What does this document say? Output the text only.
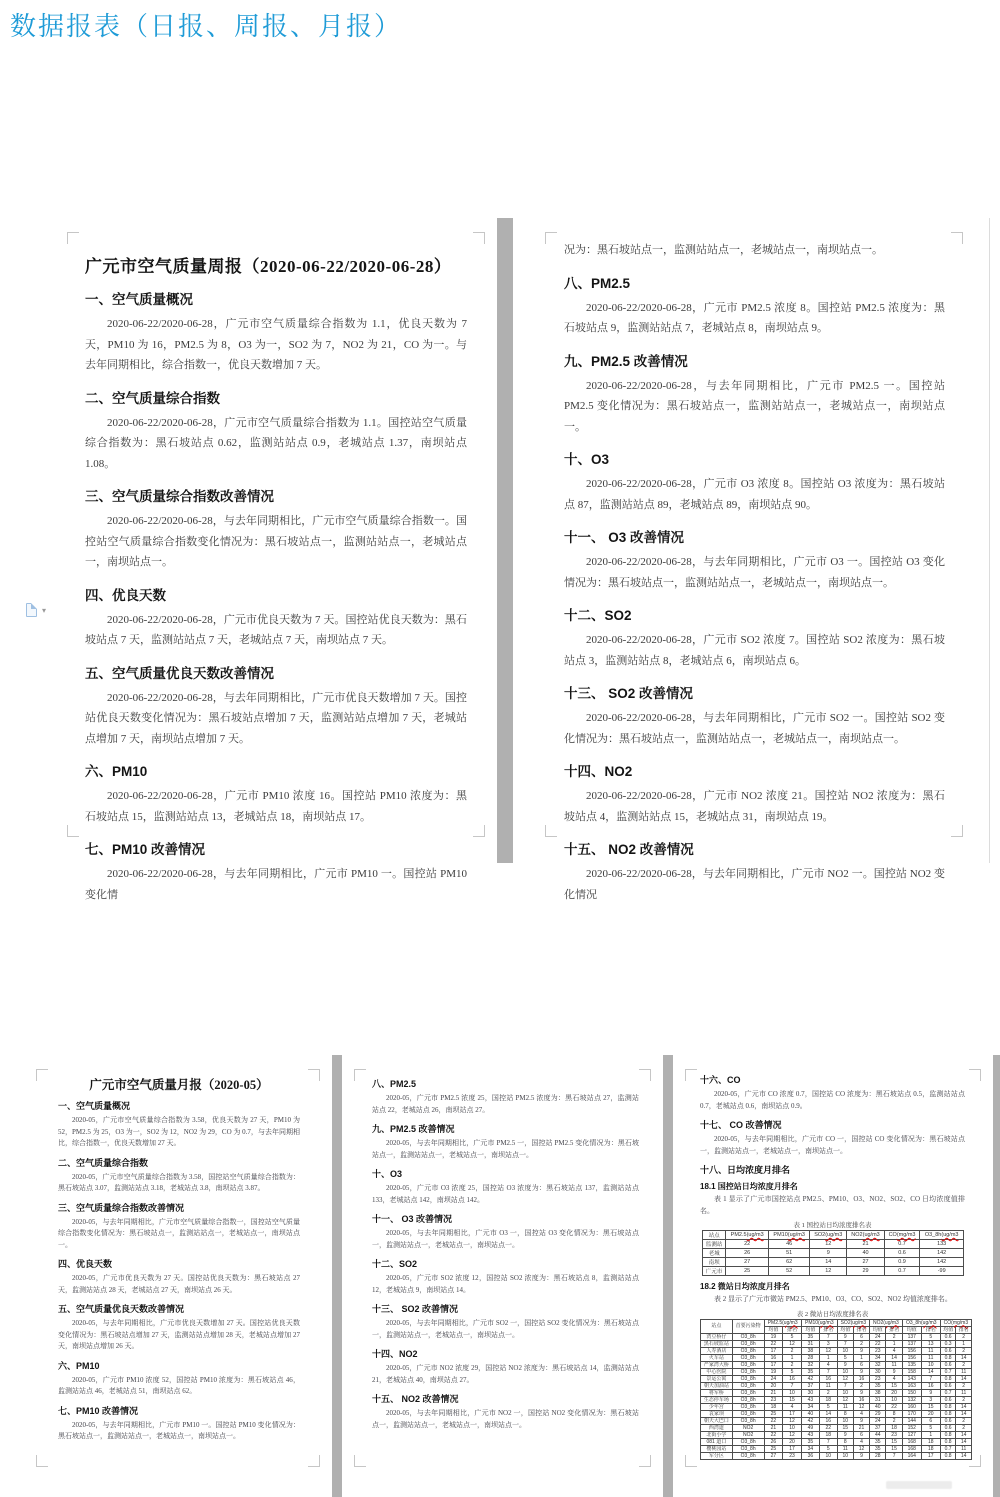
数据报表（日报、周报、月报）
广元市空气质量周报（2020-06-22/2020-06-28）
一、空气质量概况

2020-06-22/2020-06-28，广元市空气质量综合指数为 1.1，优良天数为 7 天，PM10 为 16，PM2.5 为 8，O3 为一，SO2 为 7，NO2 为 21，CO 为一。与去年同期相比，综合指数一，优良天数增加 7 天。

二、空气质量综合指数

2020-06-22/2020-06-28，广元市空气质量综合指数为 1.1。国控站空气质量综合指数为：黑石坡站点 0.62，监测站站点 0.9，老城站点 1.37，南坝站点 1.08。

三、空气质量综合指数改善情况

2020-06-22/2020-06-28，与去年同期相比，广元市空气质量综合指数一。国控站空气质量综合指数变化情况为：黑石坡站点一，监测站站点一，老城站点一，南坝站点一。

四、优良天数

2020-06-22/2020-06-28，广元市优良天数为 7 天。国控站优良天数为：黑石坡站点 7 天，监测站站点 7 天，老城站点 7 天，南坝站点 7 天。

五、空气质量优良天数改善情况

2020-06-22/2020-06-28，与去年同期相比，广元市优良天数增加 7 天。国控站优良天数变化情况为：黑石坡站点增加 7 天，监测站站点增加 7 天，老城站点增加 7 天，南坝站点增加 7 天。

六、PM10

2020-06-22/2020-06-28，广元市 PM10 浓度 16。国控站 PM10 浓度为：黑石坡站点 15，监测站站点 13，老城站点 18，南坝站点 17。

七、PM10 改善情况

2020-06-22/2020-06-28，与去年同期相比，广元市 PM10 一。国控站 PM10 变化情

况为：黑石坡站点一，监测站站点一，老城站点一，南坝站点一。

八、PM2.5

2020-06-22/2020-06-28，广元市 PM2.5 浓度 8。国控站 PM2.5 浓度为：黑石坡站点 9，监测站站点 7，老城站点 8，南坝站点 9。

九、PM2.5 改善情况

2020-06-22/2020-06-28，与去年同期相比，广元市 PM2.5 一。国控站 PM2.5 变化情况为：黑石坡站点一，监测站站点一，老城站点一，南坝站点一。

十、O3

2020-06-22/2020-06-28，广元市 O3 浓度 8。国控站 O3 浓度为：黑石坡站点 87，监测站站点 89，老城站点 89，南坝站点 90。

十一、 O3 改善情况

2020-06-22/2020-06-28，与去年同期相比，广元市 O3 一。国控站 O3 变化情况为：黑石坡站点一，监测站站点一，老城站点一，南坝站点一。

十二、SO2

2020-06-22/2020-06-28，广元市 SO2 浓度 7。国控站 SO2 浓度为：黑石坡站点 3，监测站站点 8，老城站点 6，南坝站点 6。

十三、 SO2 改善情况

2020-06-22/2020-06-28，与去年同期相比，广元市 SO2 一。国控站 SO2 变化情况为：黑石坡站点一，监测站站点一，老城站点一，南坝站点一。

十四、NO2

2020-06-22/2020-06-28，广元市 NO2 浓度 21。国控站 NO2 浓度为：黑石坡站点 4，监测站站点 15，老城站点 31，南坝站点 19。

十五、 NO2 改善情况

2020-06-22/2020-06-28，与去年同期相比，广元市 NO2 一。国控站 NO2 变化情况

▾
广元市空气质量月报（2020-05）
一、空气质量概况

2020-05，广元市空气质量综合指数为 3.58，优良天数为 27 天，PM10 为 52，PM2.5 为 25，O3 为一，SO2 为 12，NO2 为 29，CO 为 0.7，与去年同期相比，综合指数一，优良天数增加 27 天。

二、空气质量综合指数

2020-05，广元市空气质量综合指数为 3.58，国控站空气质量综合指数为：黑石坡站点 3.07，监测站站点 3.18，老城站点 3.8，南坝站点 3.87。

三、空气质量综合指数改善情况

2020-05，与去年同期相比，广元市空气质量综合指数一，国控站空气质量综合指数变化情况为：黑石坡站点一，监测站站点一，老城站点一，南坝站点一。

四、优良天数

2020-05，广元市优良天数为 27 天。国控站优良天数为：黑石坡站点 27 天，监测站站点 28 天，老城站点 27 天，南坝站点 26 天。

五、空气质量优良天数改善情况

2020-05，与去年同期相比，广元市优良天数增加 27 天。国控站优良天数变化情况为：黑石坡站点增加 27 天，监测站站点增加 28 天，老城站点增加 27 天，南坝站点增加 26 天。

六、PM10

2020-05，广元市 PM10 浓度 52，国控站 PM10 浓度为：黑石坡站点 46，监测站站点 46，老城站点 51，南坝站点 62。

七、PM10 改善情况

2020-05，与去年同期相比，广元市 PM10 一。国控站 PM10 变化情况为：黑石坡站点一，监测站站点一，老城站点一，南坝站点一。

八、PM2.5

2020-05，广元市 PM2.5 浓度 25，国控站 PM2.5 浓度为：黑石坡站点 27，监测站站点 22，老城站点 26，南坝站点 27。

九、PM2.5 改善情况

2020-05，与去年同期相比，广元市 PM2.5 一，国控站 PM2.5 变化情况为：黑石坡站点一，监测站站点一，老城站点一，南坝站点一。

十、O3

2020-05，广元市 O3 浓度 25，国控站 O3 浓度为：黑石坡站点 137，监测站站点 133，老城站点 142，南坝站点 142。

十一、 O3 改善情况

2020-05，与去年同期相比，广元市 O3 一，国控站 O3 变化情况为：黑石坡站点一，监测站站点一，老城站点一，南坝站点一。

十二、SO2

2020-05，广元市 SO2 浓度 12，国控站 SO2 浓度为：黑石坡站点 8，监测站站点 12，老城站点 9，南坝站点 14。

十三、 SO2 改善情况

2020-05，与去年同期相比，广元市 SO2 一，国控站 SO2 变化情况为：黑石坡站点一，监测站站点一，老城站点一，南坝站点一。

十四、NO2

2020-05，广元市 NO2 浓度 29，国控站 NO2 浓度为：黑石坡站点 14，监测站站点 21，老城站点 40，南坝站点 27。

十五、 NO2 改善情况

2020-05，与去年同期相比，广元市 NO2 一，国控站 NO2 变化情况为：黑石坡站点一，监测站站点一，老城站点一，南坝站点一。

十六、CO

2020-05，广元市 CO 浓度 0.7，国控站 CO 浓度为：黑石坡站点 0.5，监测站站点 0.7，老城站点 0.6，南坝站点 0.9。

十七、 CO 改善情况

2020-05，与去年同期相比，广元市 CO 一，国控站 CO 变化情况为：黑石坡站点一，监测站站点一，老城站点一，南坝站点一。

十八、日均浓度月排名
18.1 国控站日均浓度月排名

表 1 显示了广元市国控站点 PM2.5、PM10、O3、NO2、SO2、CO 日均浓度值排名。

表 1 国控站日均浓度排名表
站点	PM2.5(ug/m3	PM10(ug/m3	SO2(ug/m3	NO2(ug/m3	CO(mg/m3	O3_8h(ug/m3
监测站	22	46	12	21	0.7	133
老城	26	51	9	40	0.6	142
南坝	27	62	14	27	0.9	142
广元市	25	52	12	29	0.7	-99
18.2 微站日均浓度月排名

表 2 显示了广元市微站 PM2.5、PM10、O3、CO、SO2、NO2 均值浓度排名。

表 2 微站日均浓度排名表
站点	首要污染物	PM2.5(ug/m3		PM10(ug/m3		SO2(ug/m3		NO2(ug/m3		O3_8h(ug/m3		CO(mg/m3	
		均值	排名	均值	排名	均值	排名	均值	排名	均值	排名	均值	排名
湾豆桥仔	O3_8h	19	5	35	7	9	6	24	2	137	5	0.6	2
黑石坡监站	O3_8h	22	12	31	3	7	2	22	1	137	13	0.3	1
人寿酒店	O3_8h	17	2	38	12	10	9	23	4	156	11	0.6	2
火车站	O3_8h	16	1	28	1	5	1	34	14	156	11	0.8	14
严家湾大桥	O3_8h	17	2	32	4	9	6	32	11	135	10	0.6	2
中心医院	O3_8h	19	5	35	7	10	9	30	9	158	14	0.7	11
景运公寓	O3_8h	24	16	42	16	12	16	23	4	143	7	0.8	14
朝天加油站	O3_8h	20	7	37	11	7	2	35	15	163	16	0.6	2
将军桥	O3_8h	21	10	30	2	10	9	38	20	150	9	0.7	11
生态停车场	O3_8h	23	15	43	18	12	16	31	10	132	3	0.6	2
少年宫	O3_8h	18	4	34	5	11	12	40	22	160	15	0.8	14
袁家坝	O3_8h	25	17	40	14	8	4	29	8	170	20	0.8	14
朝天大巴口	O3_8h	22	12	42	16	10	9	24	2	144	6	0.6	2
西湾道	NO2	21	10	49	22	15	21	37	18	152	5	0.6	2
北街小学	NO2	22	12	43	18	9	6	44	23	127	1	0.8	14
081 道口	O3_8h	26	20	35	7	8	4	35	15	168	18	0.8	14
樱桃园站	O3_8h	25	17	34	5	11	12	35	15	168	18	0.7	11
军分区	O3_8h	27	23	36	10	10	9	28	7	164	17	0.8	14
